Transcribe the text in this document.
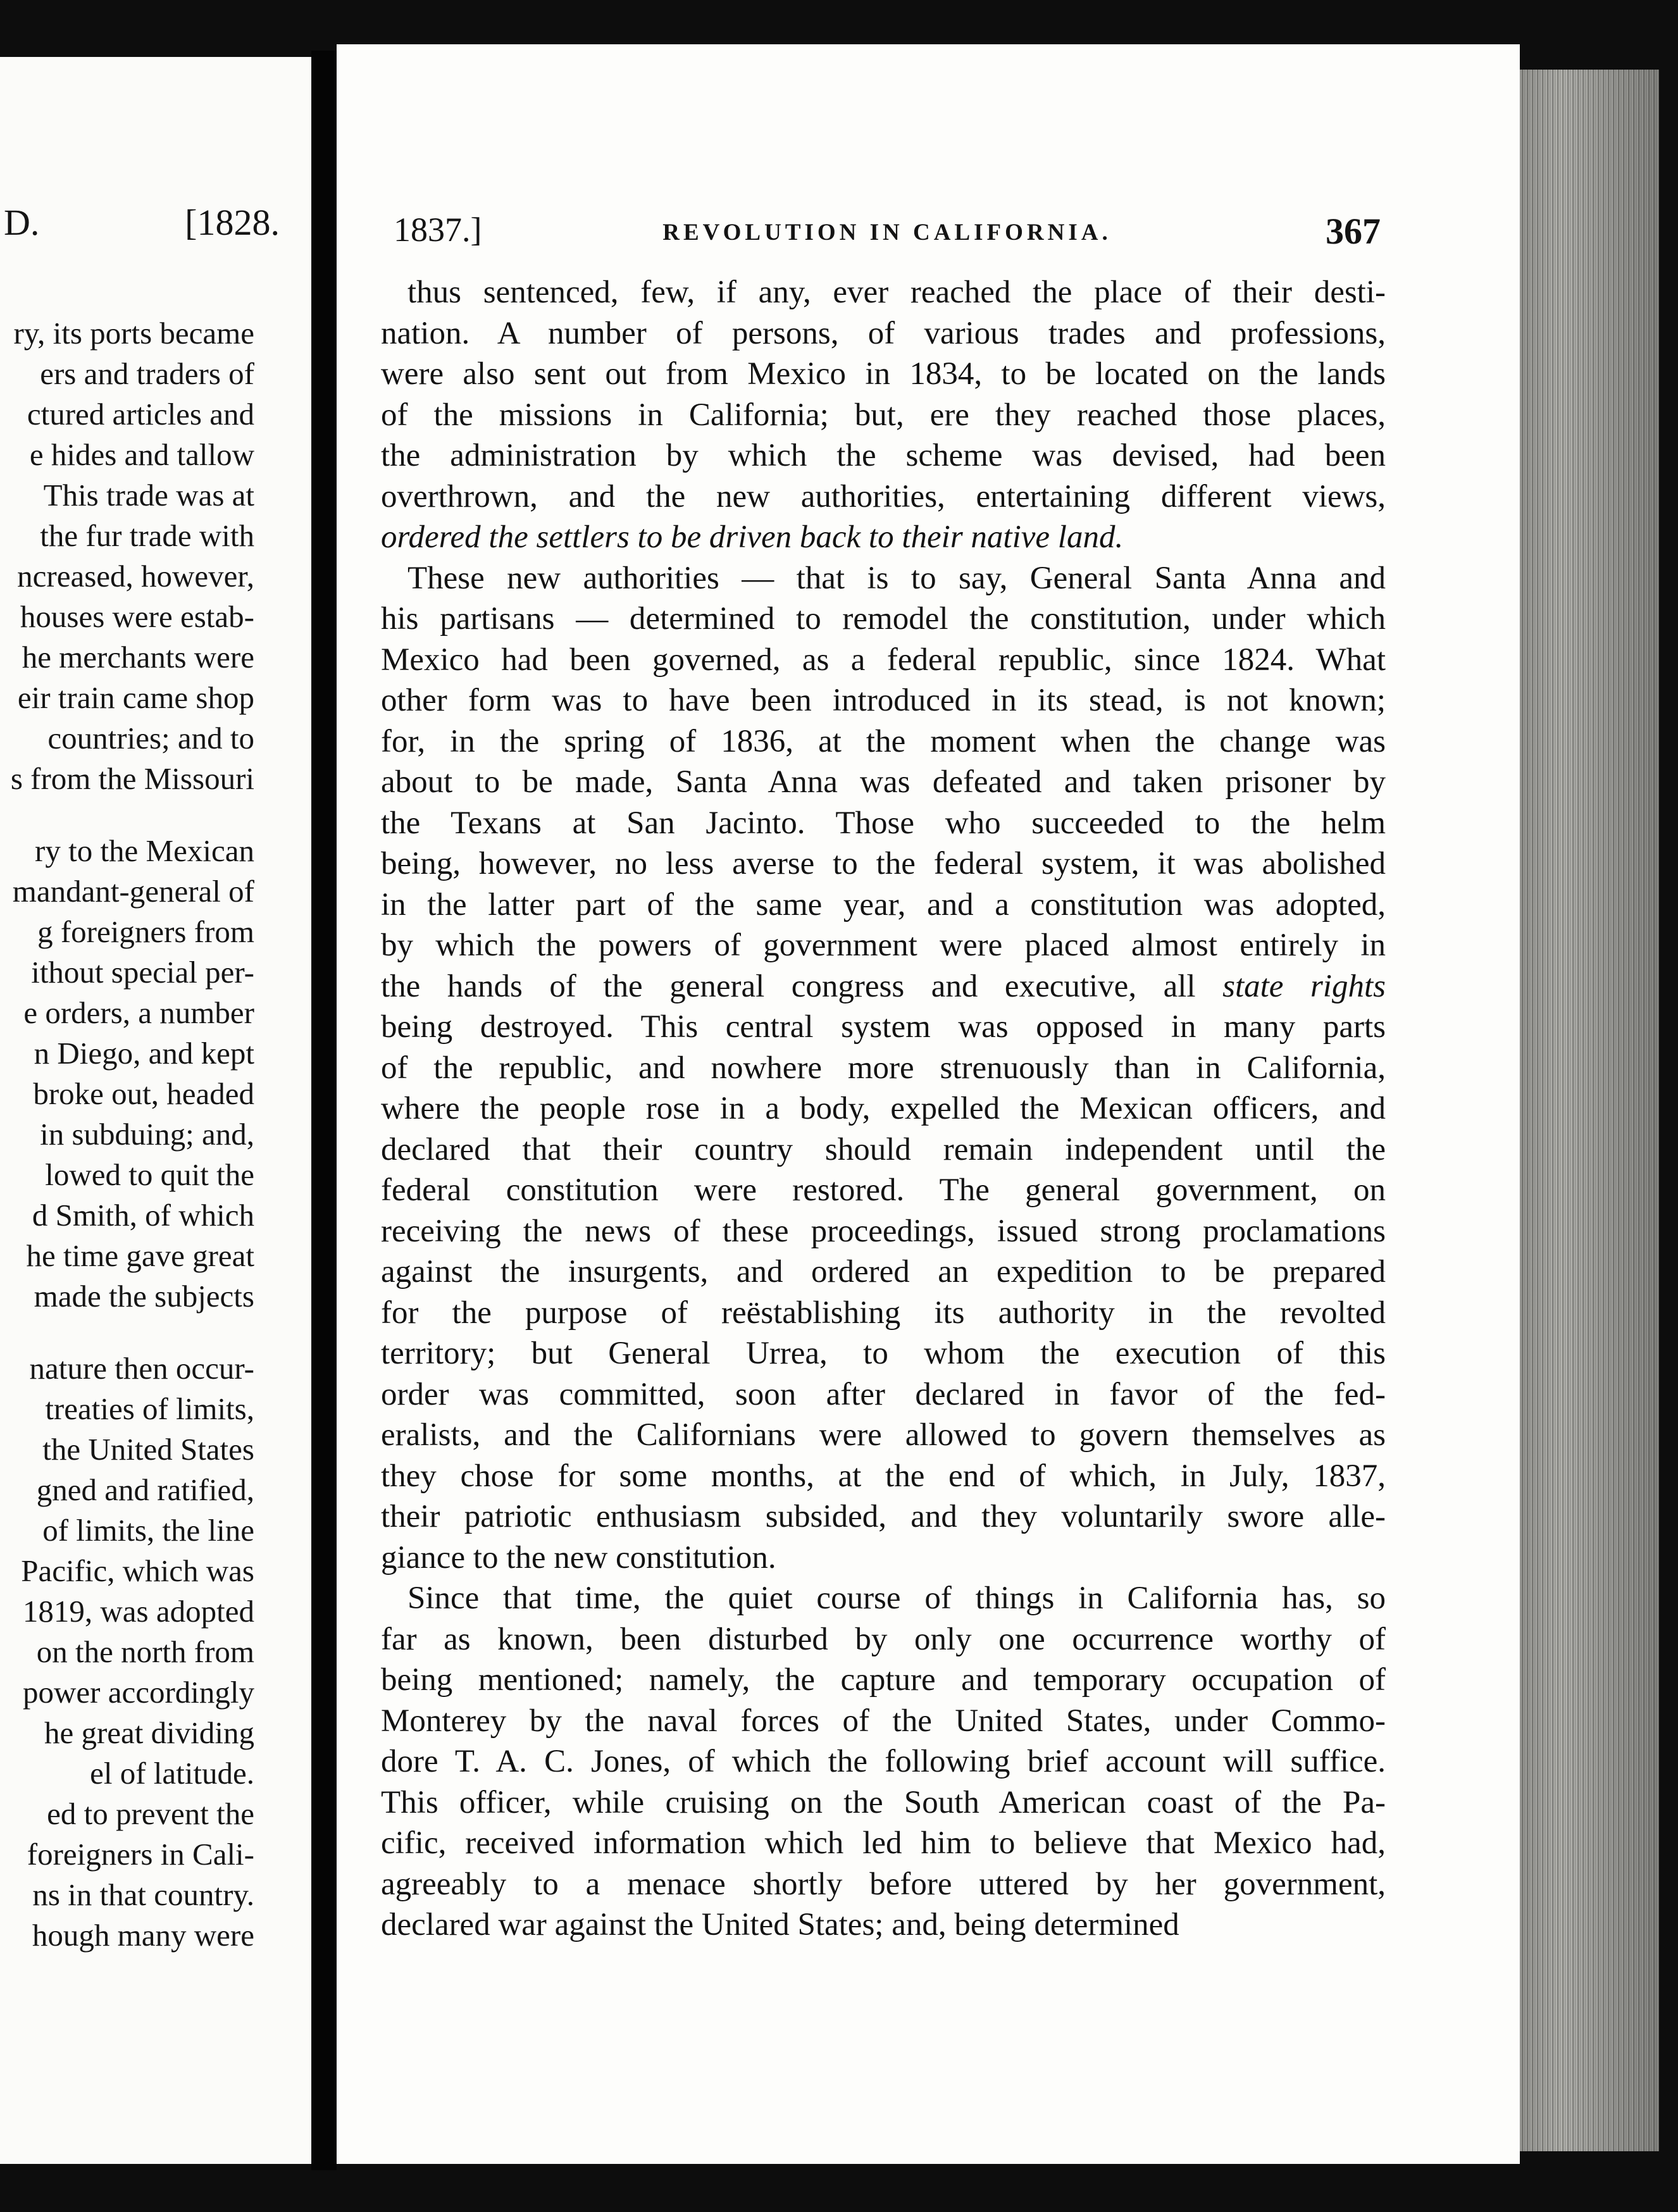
D.	[1828.
ry, its ports became
ers and traders of
ctured articles and
e hides and tallow
This trade was at
the fur trade with
ncreased, however,
houses were estab-
he merchants were
eir train came shop
countries; and to
s from the Missouri
ry to the Mexican
mandant-general of
g foreigners from
ithout special per-
e orders, a number
n Diego, and kept
broke out, headed
in subduing; and,
lowed to quit the
d Smith, of which
he time gave great
made the subjects
nature then occur-
treaties of limits,
the United States
gned and ratified,
of limits, the line
Pacific, which was
1819, was adopted
on the north from
power accordingly
he great dividing
el of latitude.
ed to prevent the
foreigners in Cali-
ns in that country.
hough many were
1837.]	REVOLUTION IN CALIFORNIA.	367
thus sentenced, few, if any, ever reached the place of their desti-
nation. A number of persons, of various trades and professions,
were also sent out from Mexico in 1834, to be located on the lands
of the missions in California; but, ere they reached those places,
the administration by which the scheme was devised, had been
overthrown, and the new authorities, entertaining different views,
ordered the settlers to be driven back to their native land.
These new authorities — that is to say, General Santa Anna and
his partisans — determined to remodel the constitution, under which
Mexico had been governed, as a federal republic, since 1824. What
other form was to have been introduced in its stead, is not known;
for, in the spring of 1836, at the moment when the change was
about to be made, Santa Anna was defeated and taken prisoner by
the Texans at San Jacinto. Those who succeeded to the helm
being, however, no less averse to the federal system, it was abolished
in the latter part of the same year, and a constitution was adopted,
by which the powers of government were placed almost entirely in
the hands of the general congress and executive, all state rights
being destroyed. This central system was opposed in many parts
of the republic, and nowhere more strenuously than in California,
where the people rose in a body, expelled the Mexican officers, and
declared that their country should remain independent until the
federal constitution were restored. The general government, on
receiving the news of these proceedings, issued strong proclamations
against the insurgents, and ordered an expedition to be prepared
for the purpose of reëstablishing its authority in the revolted
territory; but General Urrea, to whom the execution of this
order was committed, soon after declared in favor of the fed-
eralists, and the Californians were allowed to govern themselves as
they chose for some months, at the end of which, in July, 1837,
their patriotic enthusiasm subsided, and they voluntarily swore alle-
giance to the new constitution.
Since that time, the quiet course of things in California has, so
far as known, been disturbed by only one occurrence worthy of
being mentioned; namely, the capture and temporary occupation of
Monterey by the naval forces of the United States, under Commo-
dore T. A. C. Jones, of which the following brief account will suffice.
This officer, while cruising on the South American coast of the Pa-
cific, received information which led him to believe that Mexico had,
agreeably to a menace shortly before uttered by her government,
declared war against the United States; and, being determined
